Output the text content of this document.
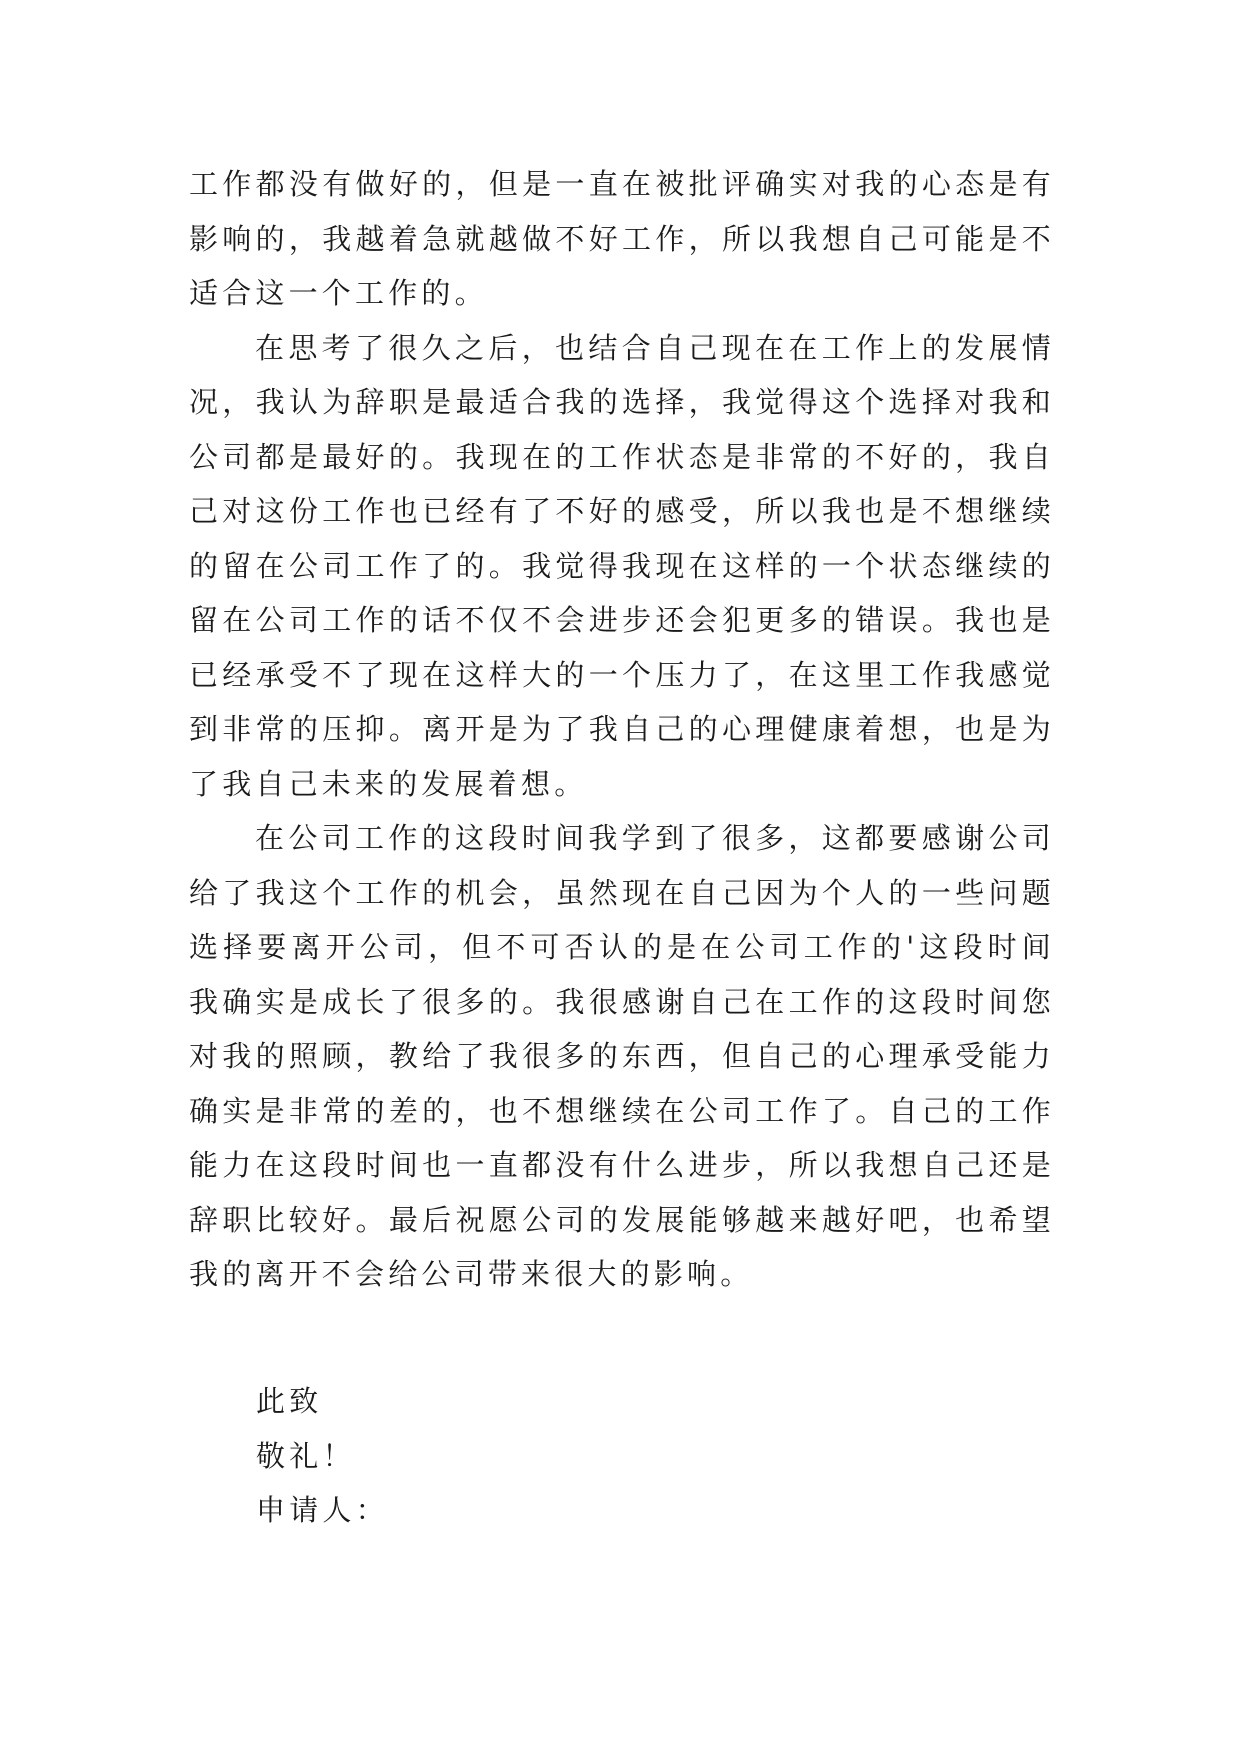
工作都没有做好的，但是一直在被批评确实对我的心态是有影响的，我越着急就越做不好工作，所以我想自己可能是不适合这一个工作的。

在思考了很久之后，也结合自己现在在工作上的发展情况，我认为辞职是最适合我的选择，我觉得这个选择对我和公司都是最好的。我现在的工作状态是非常的不好的，我自己对这份工作也已经有了不好的感受，所以我也是不想继续的留在公司工作了的。我觉得我现在这样的一个状态继续的留在公司工作的话不仅不会进步还会犯更多的错误。我也是已经承受不了现在这样大的一个压力了，在这里工作我感觉到非常的压抑。离开是为了我自己的心理健康着想，也是为了我自己未来的发展着想。

在公司工作的这段时间我学到了很多，这都要感谢公司给了我这个工作的机会，虽然现在自己因为个人的一些问题选择要离开公司，但不可否认的是在公司工作的'这段时间我确实是成长了很多的。我很感谢自己在工作的这段时间您对我的照顾，教给了我很多的东西，但自己的心理承受能力确实是非常的差的，也不想继续在公司工作了。自己的工作能力在这段时间也一直都没有什么进步，所以我想自己还是辞职比较好。最后祝愿公司的发展能够越来越好吧，也希望我的离开不会给公司带来很大的影响。

此致
敬礼！
申请人：
